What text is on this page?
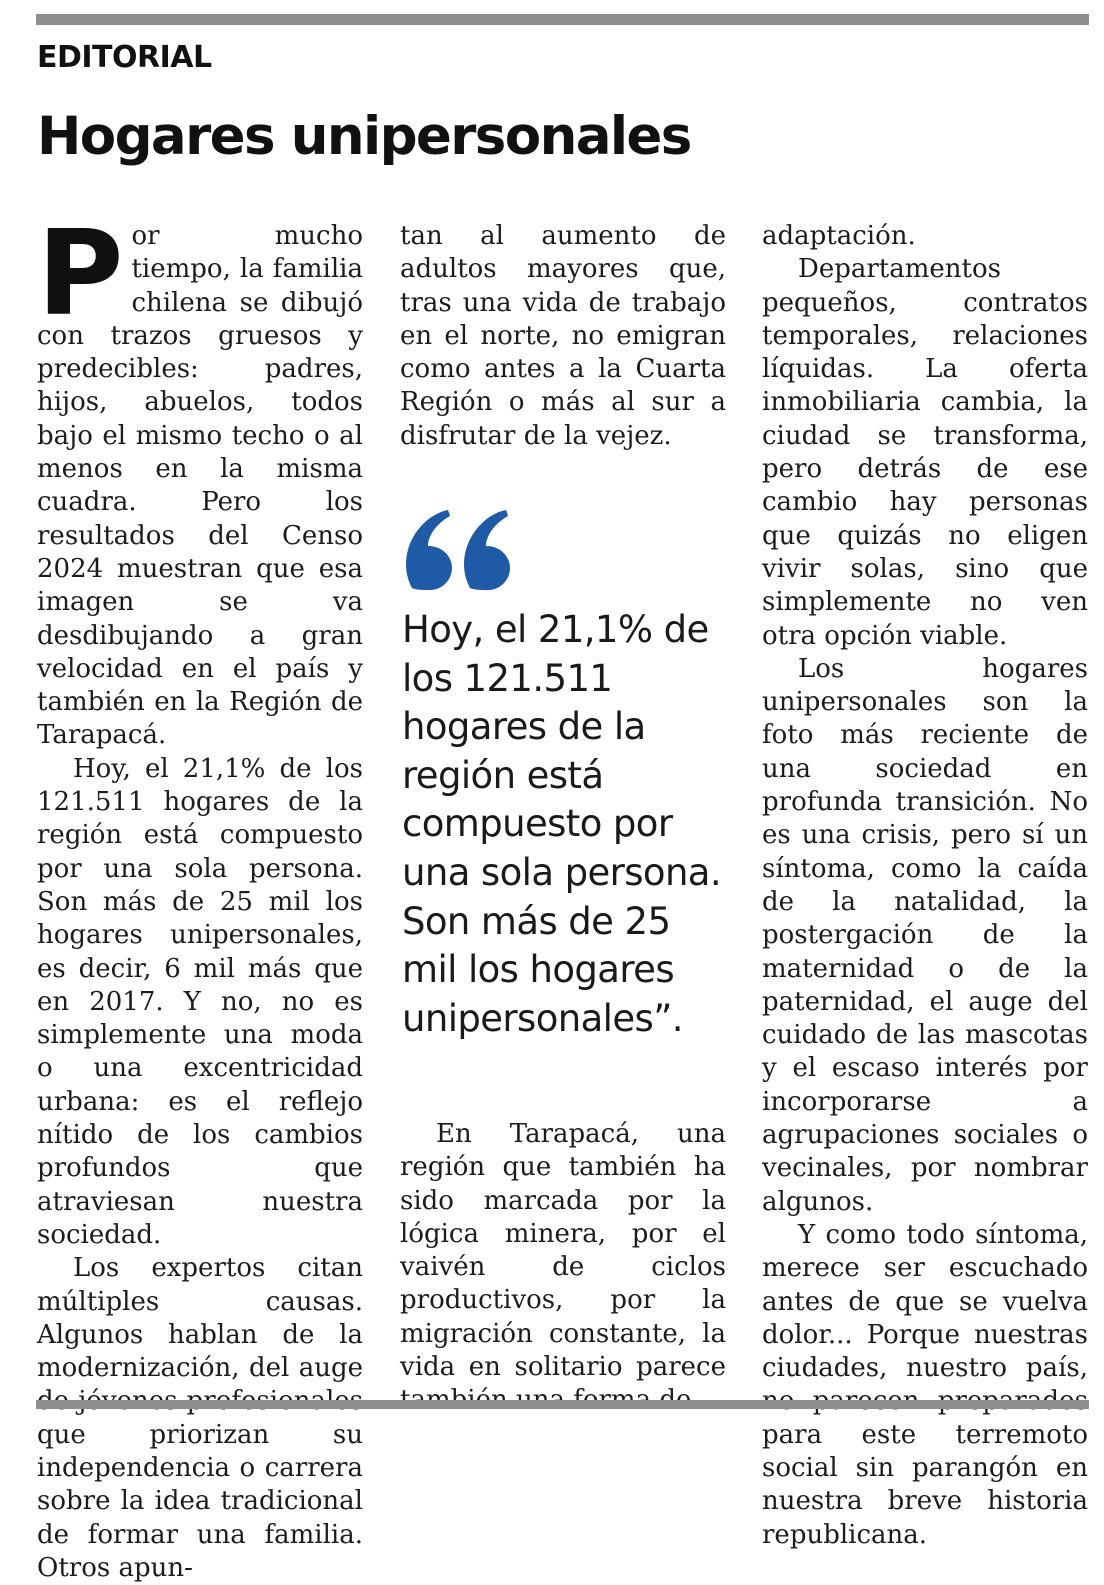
EDITORIAL
Hogares unipersonales

Por mucho tiempo, la familia chilena se dibujó con trazos gruesos y predecibles: padres, hijos, abuelos, todos bajo el mismo techo o al menos en la misma cuadra. Pero los resultados del Censo 2024 muestran que esa imagen se va desdibujando a gran velocidad en el país y también en la Región de Tarapacá.

Hoy, el 21,1% de los 121.511 hogares de la región está compuesto por una sola persona. Son más de 25 mil los hogares unipersonales, es decir, 6 mil más que en 2017. Y no, no es simplemente una moda o una excentricidad urbana: es el reflejo nítido de los cambios profundos que atraviesan nuestra sociedad.

Los expertos citan múltiples causas. Algunos hablan de la modernización, del auge que priorizan su independencia o carrera sobre la idea tradicional de formar una familia. Otros apun-

tan al aumento de adultos mayores que, tras una vida de trabajo en el norte, no emigran como antes a la Cuarta Región o más al sur a disfrutar de la vejez.

Hoy, el 21,1% de los 121.511 hogares de la región está compuesto por una sola persona. Son más de 25 mil los hogares unipersonales”.

En Tarapacá, una región que también ha sido marcada por la lógica minera, por el vaivén de ciclos productivos, por la migración constante, la vida en solitario parece

adaptación.

Departamentos pequeños, contratos temporales, relaciones líquidas. La oferta inmobiliaria cambia, la ciudad se transforma, pero detrás de ese cambio hay personas que quizás no eligen vivir solas, sino que simplemente no ven otra opción viable.

Los hogares unipersonales son la foto más reciente de una sociedad en profunda transición. No es una crisis, pero sí un síntoma, como la caída de la natalidad, la postergación de la maternidad o de la paternidad, el auge del cuidado de las mascotas y el escaso interés por incorporarse a agrupaciones sociales o vecinales, por nombrar algunos.

Y como todo síntoma, merece ser escuchado antes de que se vuelva dolor... Porque nuestras ciudades, nuestro país, para este terremoto social sin parangón en nuestra breve historia republicana.
